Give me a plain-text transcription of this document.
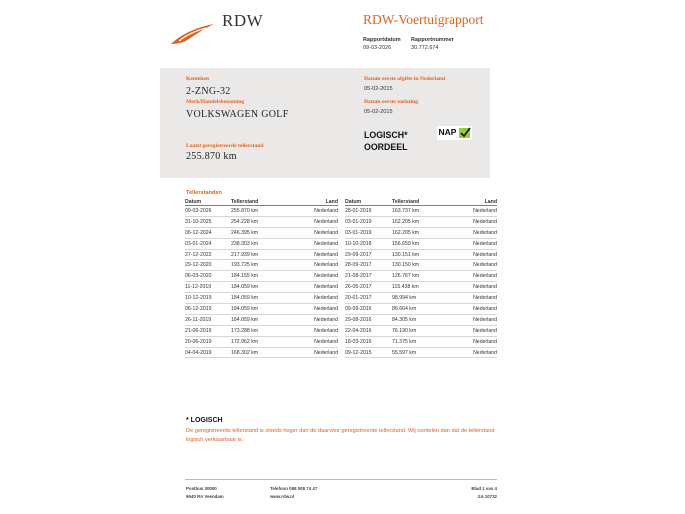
RDW	RDW-Voertuigrapport
Rapportdatum
09-03-2026
Rapportnummer
30.772.674
Kenteken
2-ZNG-32
Merk/Handelsbenaming
VOLKSWAGEN GOLF
Laatst geregistreerde tellerstand
255.870 km
Datum eerste afgifte in Nederland
05-02-2015
Datum eerste toelating
05-02-2015
LOGISCH*
OORDEEL
NAP
Tellerstanden
Datum	Tellerstand	Land
09-03-2026	255.870 km	Nederland
31-10-2025	254.228 km	Nederland
06-12-2024	246.395 km	Nederland
03-01-2024	238.303 km	Nederland
27-12-2022	217.939 km	Nederland
29-12-2020	193.725 km	Nederland
06-03-2020	184.155 km	Nederland
11-12-2019	184.059 km	Nederland
10-12-2019	184.059 km	Nederland
06-12-2019	184.059 km	Nederland
26-11-2019	184.059 km	Nederland
21-06-2019	173.288 km	Nederland
20-06-2019	172.962 km	Nederland
04-04-2019	168.302 km	Nederland
Datum	Tellerstand	Land
28-01-2019	163.737 km	Nederland
03-01-2019	162.205 km	Nederland
03-01-2019	162.205 km	Nederland
10-10-2018	156.659 km	Nederland
29-09-2017	130.151 km	Nederland
28-09-2017	130.150 km	Nederland
21-08-2017	126.767 km	Nederland
26-05-2017	115.438 km	Nederland
20-01-2017	98.994 km	Nederland
09-09-2016	86.664 km	Nederland
29-08-2016	84.305 km	Nederland
22-04-2016	76.190 km	Nederland
18-03-2016	71.375 km	Nederland
09-12-2015	55.597 km	Nederland
* LOGISCH
De geregistreerde tellerstand is steeds hoger dan de daarvoor geregistreerde tellerstand. Wij oordelen dan dat de tellerstand logisch verklaarbaar is.
Postbus 30000
9640 RA Veendam
Telefoon 088 008 74 47
www.rdw.nl
Blad 1 van 4
3.6 10732
